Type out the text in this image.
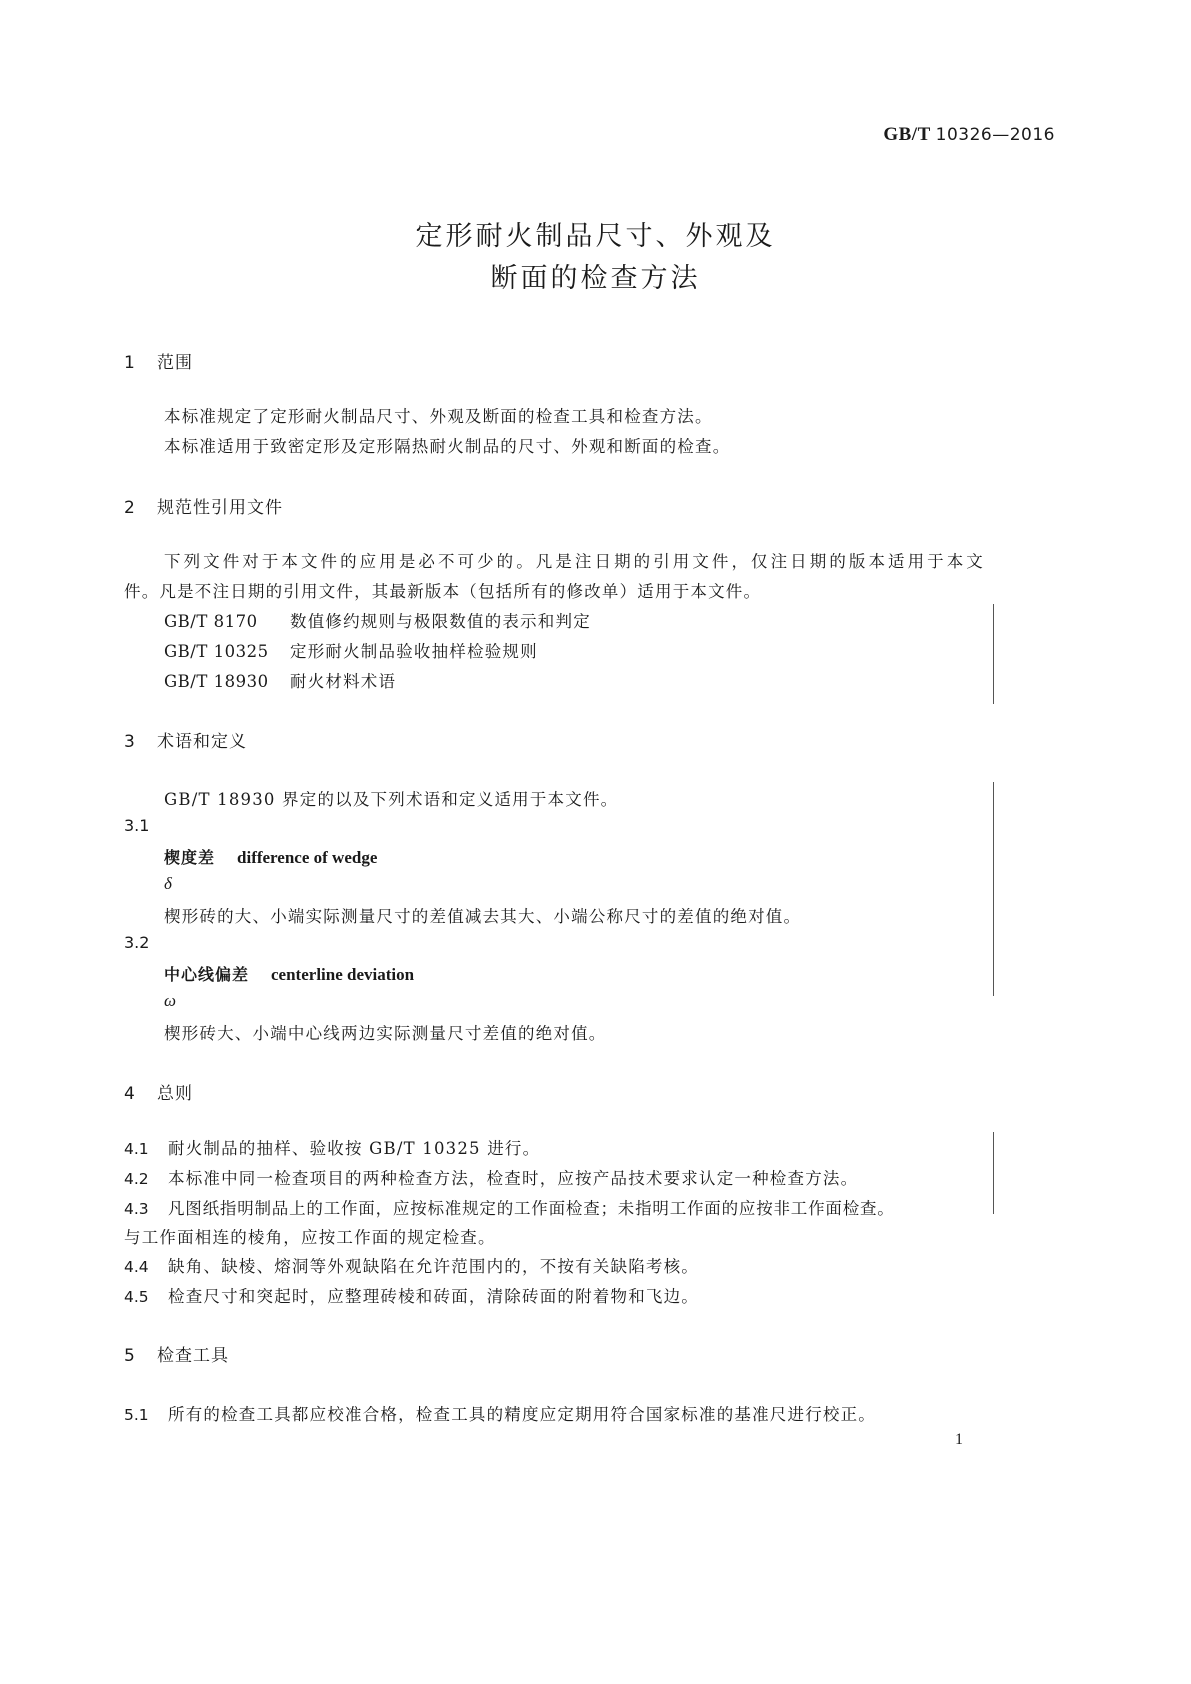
GB/T 10326—2016
定形耐火制品尺寸、外观及
断面的检查方法
1 范围
本标准规定了定形耐火制品尺寸、外观及断面的检查工具和检查方法。
本标准适用于致密定形及定形隔热耐火制品的尺寸、外观和断面的检查。
2 规范性引用文件
下列文件对于本文件的应用是必不可少的。凡是注日期的引用文件，仅注日期的版本适用于本文
件。凡是不注日期的引用文件，其最新版本（包括所有的修改单）适用于本文件。
GB/T 8170 数值修约规则与极限数值的表示和判定
GB/T 10325 定形耐火制品验收抽样检验规则
GB/T 18930 耐火材料术语
3 术语和定义
GB/T 18930 界定的以及下列术语和定义适用于本文件。
3.1
楔度差 difference of wedge
δ
楔形砖的大、小端实际测量尺寸的差值减去其大、小端公称尺寸的差值的绝对值。
3.2
中心线偏差 centerline deviation
ω
楔形砖大、小端中心线两边实际测量尺寸差值的绝对值。
4 总则
4.1 耐火制品的抽样、验收按 GB/T 10325 进行。
4.2 本标准中同一检查项目的两种检查方法，检查时，应按产品技术要求认定一种检查方法。
4.3 凡图纸指明制品上的工作面，应按标准规定的工作面检查；未指明工作面的应按非工作面检查。
与工作面相连的棱角，应按工作面的规定检查。
4.4 缺角、缺棱、熔洞等外观缺陷在允许范围内的，不按有关缺陷考核。
4.5 检查尺寸和突起时，应整理砖棱和砖面，清除砖面的附着物和飞边。
5 检查工具
5.1 所有的检查工具都应校准合格，检查工具的精度应定期用符合国家标准的基准尺进行校正。
1
